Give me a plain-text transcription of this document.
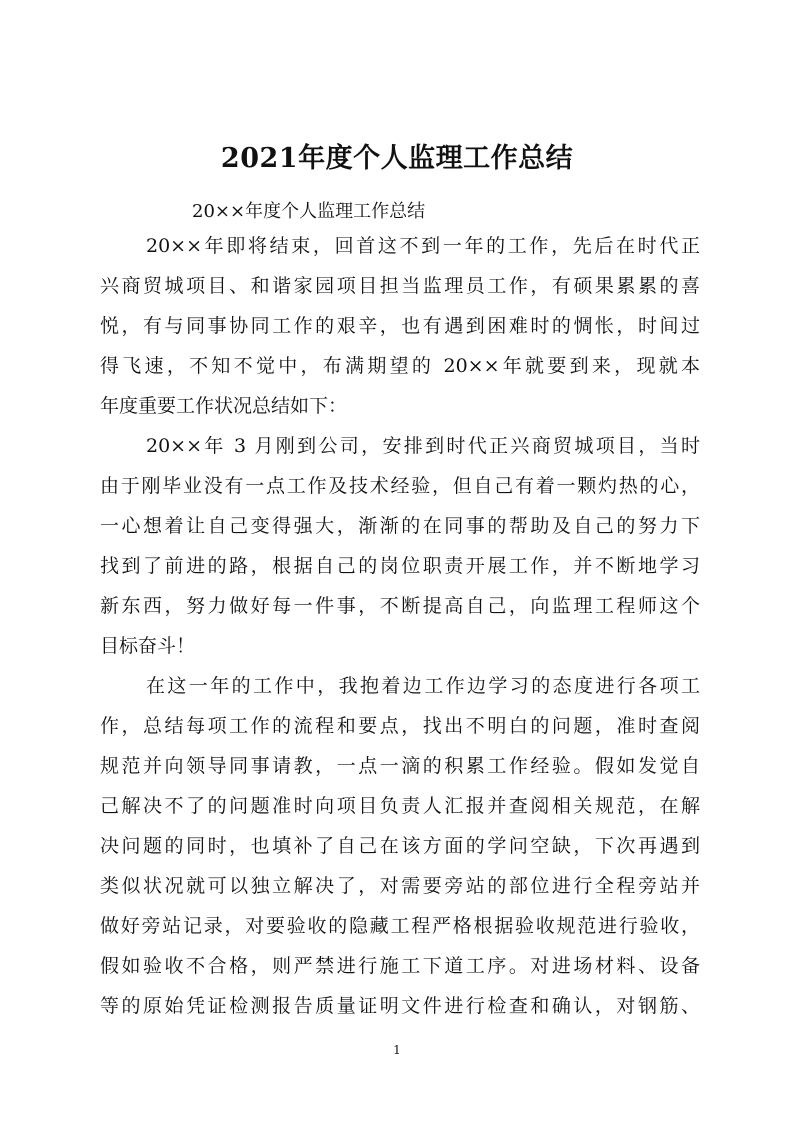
2021年度个人监理工作总结

20××年度个人监理工作总结

20××年即将结束，回首这不到一年的工作，先后在时代正

兴商贸城项目、和谐家园项目担当监理员工作，有硕果累累的喜

悦，有与同事协同工作的艰辛，也有遇到困难时的惆怅，时间过

得飞速，不知不觉中，布满期望的 20××年就要到来，现就本

年度重要工作状况总结如下：

20××年 3 月刚到公司，安排到时代正兴商贸城项目，当时

由于刚毕业没有一点工作及技术经验，但自己有着一颗灼热的心，

一心想着让自己变得强大，渐渐的在同事的帮助及自己的努力下

找到了前进的路，根据自己的岗位职责开展工作，并不断地学习

新东西，努力做好每一件事，不断提高自己，向监理工程师这个

目标奋斗！

在这一年的工作中，我抱着边工作边学习的态度进行各项工

作，总结每项工作的流程和要点，找出不明白的问题，准时查阅

规范并向领导同事请教，一点一滴的积累工作经验。假如发觉自

己解决不了的问题准时向项目负责人汇报并查阅相关规范，在解

决问题的同时，也填补了自己在该方面的学问空缺，下次再遇到

类似状况就可以独立解决了，对需要旁站的部位进行全程旁站并

做好旁站记录，对要验收的隐藏工程严格根据验收规范进行验收，

假如验收不合格，则严禁进行施工下道工序。对进场材料、设备

等的原始凭证检测报告质量证明文件进行检查和确认，对钢筋、

1
